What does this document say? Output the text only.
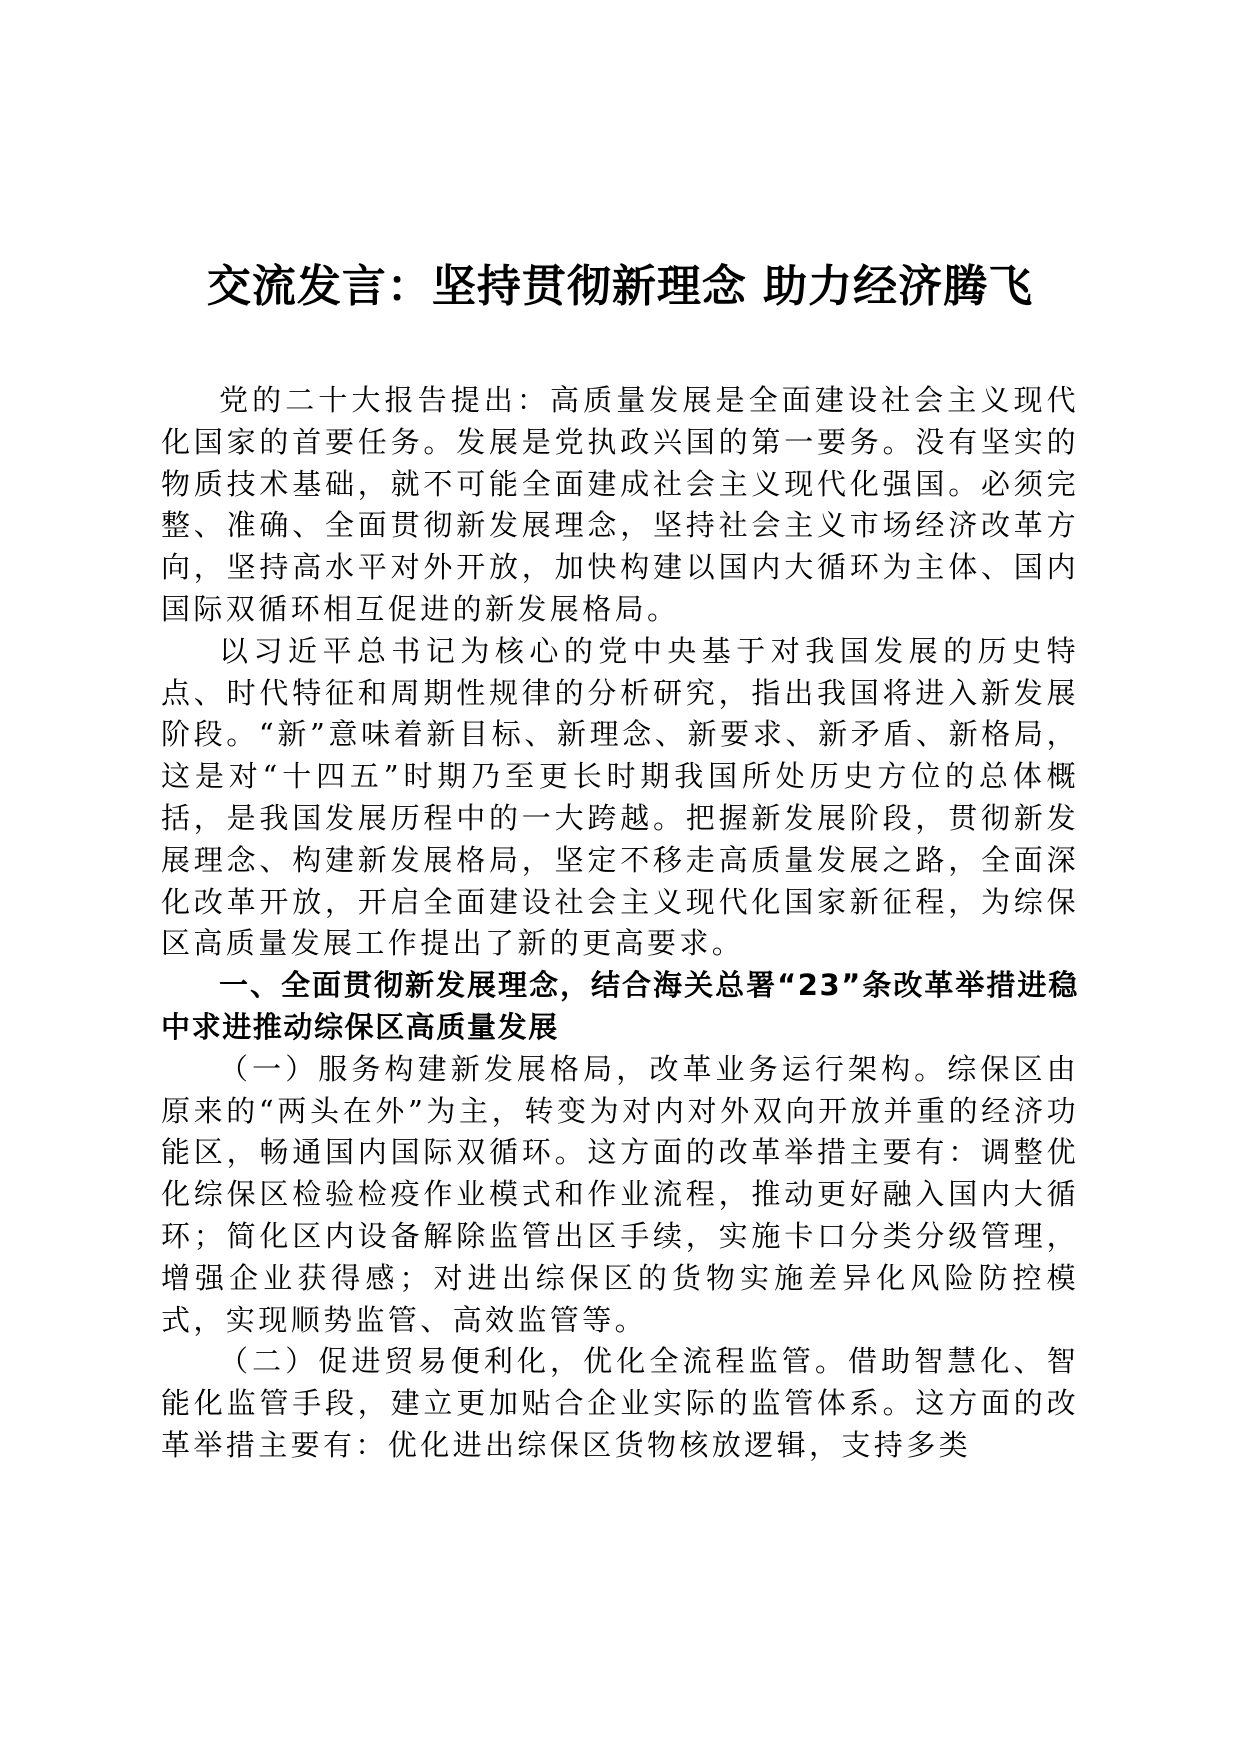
交流发言：坚持贯彻新理念 助力经济腾飞

党的二十大报告提出：高质量发展是全面建设社会主义现代化国家的首要任务。发展是党执政兴国的第一要务。没有坚实的物质技术基础，就不可能全面建成社会主义现代化强国。必须完整、准确、全面贯彻新发展理念，坚持社会主义市场经济改革方向，坚持高水平对外开放，加快构建以国内大循环为主体、国内国际双循环相互促进的新发展格局。

以习近平总书记为核心的党中央基于对我国发展的历史特点、时代特征和周期性规律的分析研究，指出我国将进入新发展阶段。“新”意味着新目标、新理念、新要求、新矛盾、新格局，这是对“十四五”时期乃至更长时期我国所处历史方位的总体概括，是我国发展历程中的一大跨越。把握新发展阶段，贯彻新发展理念、构建新发展格局，坚定不移走高质量发展之路，全面深化改革开放，开启全面建设社会主义现代化国家新征程，为综保区高质量发展工作提出了新的更高要求。

一、全面贯彻新发展理念，结合海关总署“23”条改革举措进稳中求进推动综保区高质量发展

（一）服务构建新发展格局，改革业务运行架构。综保区由原来的“两头在外”为主，转变为对内对外双向开放并重的经济功能区，畅通国内国际双循环。这方面的改革举措主要有：调整优化综保区检验检疫作业模式和作业流程，推动更好融入国内大循环；简化区内设备解除监管出区手续，实施卡口分类分级管理，增强企业获得感；对进出综保区的货物实施差异化风险防控模式，实现顺势监管、高效监管等。

（二）促进贸易便利化，优化全流程监管。借助智慧化、智能化监管手段，建立更加贴合企业实际的监管体系。这方面的改革举措主要有：优化进出综保区货物核放逻辑，支持多类
